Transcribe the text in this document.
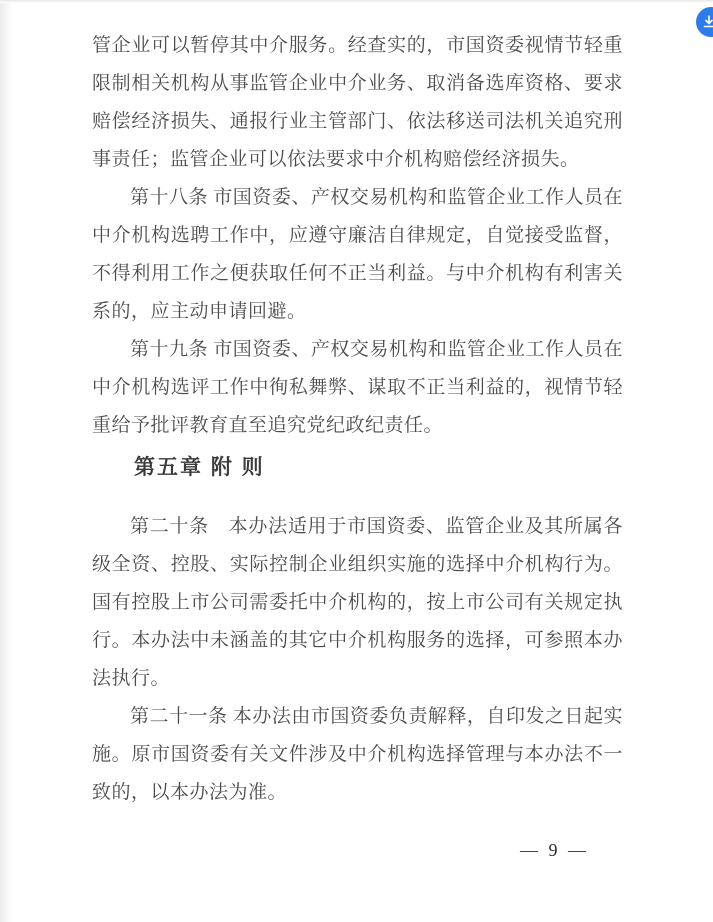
管企业可以暂停其中介服务。经查实的，市国资委视情节轻重限制相关机构从事监管企业中介业务、取消备选库资格、要求赔偿经济损失、通报行业主管部门、依法移送司法机关追究刑事责任；监管企业可以依法要求中介机构赔偿经济损失。

第十八条 市国资委、产权交易机构和监管企业工作人员在中介机构选聘工作中，应遵守廉洁自律规定，自觉接受监督，不得利用工作之便获取任何不正当利益。与中介机构有利害关系的，应主动申请回避。

第十九条 市国资委、产权交易机构和监管企业工作人员在中介机构选评工作中徇私舞弊、谋取不正当利益的，视情节轻重给予批评教育直至追究党纪政纪责任。

第五章 附 则

第二十条　本办法适用于市国资委、监管企业及其所属各级全资、控股、实际控制企业组织实施的选择中介机构行为。国有控股上市公司需委托中介机构的，按上市公司有关规定执行。本办法中未涵盖的其它中介机构服务的选择，可参照本办法执行。

第二十一条 本办法由市国资委负责解释，自印发之日起实施。原市国资委有关文件涉及中介机构选择管理与本办法不一致的，以本办法为准。

— 9 —
